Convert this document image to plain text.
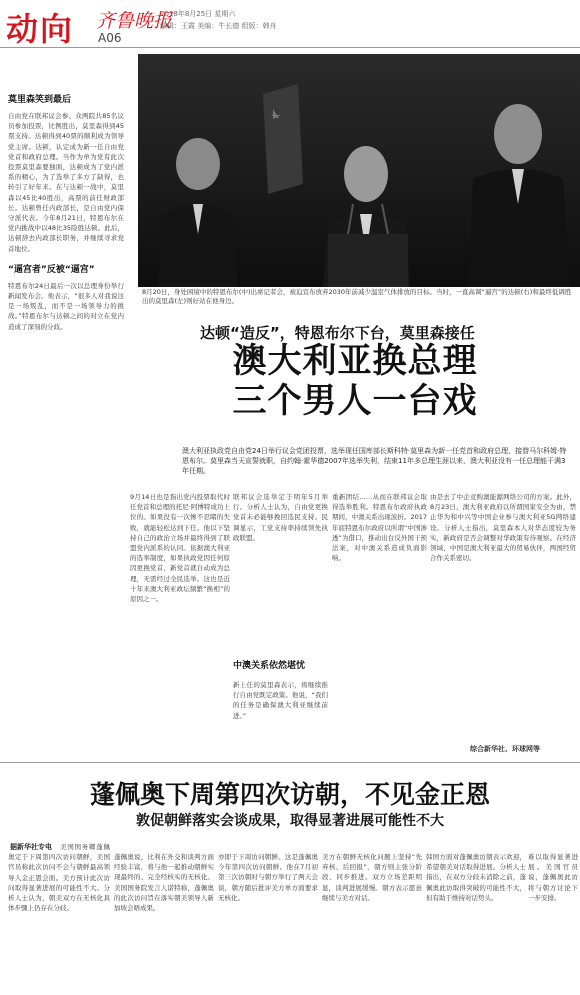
动向 齐鲁晚报
A06
2018年8月25日 星期六
编辑：王霞 美编：牛长德 组版：韩舟
莫里森笑到最后
自由党在联邦议会参、众两院共85名议员参加投票，比例胜出，莫里森得到45票支持。达顿得到40票的顺利成为领导党主席。达顿，认定成为新一任自由党党首和政府总理。当作为单为党有此次投票莫里森要独面，达顿成为了党内派系的精心，为了选举了多方了缺得，也转引了好年来。在与达顿一战中，莫里森以45比40胜出，高票的前任财政部长。达顿曾任内政部长，是自由党内保守派代表。今年8月21日，特恩布尔在党内挑战中以48比35险胜达顿。此后，达顿辞去内政部长职务，并继续寻求党首地位。
“逼宫者”反被“逼宫”
特恩布尔24日最后一次以总理身份举行新闻发布会。他表示，“很多人对我说这是一场叛乱，而不是一场领导力的挑战。”特恩布尔与达顿之间的对立在党内造成了深刻的分歧。
8月20日，身处困境中的特恩布尔(中)出席记者会，被迫宣布放弃2030年前减少温室气体排放的目标。当时，一直高调“逼宫”的达顿(右)和最终低调胜出的莫里森(左)则好站在他身边。
达顿“造反”，特恩布尔下台，莫里森接任
澳大利亚换总理
三个男人一台戏
澳大利亚执政党自由党24日举行议会党团投票，选举现任国库部长斯科特·莫里森为新一任党首和政府总理，接替马尔科姆·特恩布尔。莫里森当天宣誓就职，自约翰·霍华德2007年选举失利，结束11年多总理生涯以来，澳大利亚没有一任总理能干满3年任期。
9月14日也是指出党内投票取代时任党首和总理的托尼·阿博特成功上位的。如果没有一次惨不忍睹的失败，就能轻松达到下任。他以下坚持自己的政治立场并最终得到了联盟党内派系的认同。依据澳大利亚的选举制度，如果执政党因任何原因更换党首，新党首就自动成为总理，无需经过全民选举。这也是近十年来澳大利亚政坛频繁“换相”的原因之一。
联邦议会选举定于明年5月举行。分析人士认为，自由党更换党首未必能够挽回选民支持。民调显示，工党支持率持续领先执政联盟。
中澳关系依然堪忧
新上任的莫里森表示，将继续推行自由党既定政策。他说，“我们的任务是确保澳大利亚继续前进。”
重新团结……从而在联邦议会取得选举胜利。特恩布尔政府执政期间，中澳关系出现波折。2017年底特恩布尔政府以所谓“中国渗透”为借口，推动出台反外国干预法案，对中澳关系造成负面影响。
由是去了中企竞购澳能源网络公司的方案。此外，8月23日，澳大利亚政府以所谓国家安全为由，禁止华为和中兴等中国企业参与澳大利亚5G网络建设。分析人士指出，莫里森本人对华态度较为务实，新政府是否会调整对华政策有待观察。在经济领域，中国是澳大利亚最大的贸易伙伴，两国经贸合作关系密切。
综合新华社、环球网等
蓬佩奥下周第四次访朝，不见金正恩
敦促朝鲜落实会谈成果，取得显著进展可能性不大
据新华社专电	美国国务卿蓬佩奥定于下周第四次访问朝鲜，美国官员称此次访问不会与朝鲜最高领导人金正恩会面。美方预计此次访问取得显著进展的可能性不大。分析人士认为，朝美双方在无核化具体步骤上仍存在分歧。
蓬佩奥说，比利在外交和谈判方面经验丰富，将与他一起推动朝鲜实现最终的、完全经核实的无核化。美国国务院发言人诺特称，蓬佩奥的此次访问旨在落实朝美领导人新加坡会晤成果。
亦即于下周访问朝鲜。这是蓬佩奥今年第四次访问朝鲜。他在7月初第三次访朝时与朝方举行了两天会谈，朝方随后批评美方单方面要求无核化。
美方在朝鲜无核化问题上坚持“先弃核、后回报”，朝方则主张分阶段、同步推进。双方立场差距明显，谈判进展缓慢。朝方表示愿意继续与美方对话。
韩国方面对蓬佩奥访朝表示欢迎，希望朝美对话取得进展。分析人士指出，在双方分歧未消除之前，蓬佩奥此访取得突破的可能性不大，但有助于维持对话势头。
难以取得显著进展。美国官员说，蓬佩奥此访将与朝方讨论下一步安排。
